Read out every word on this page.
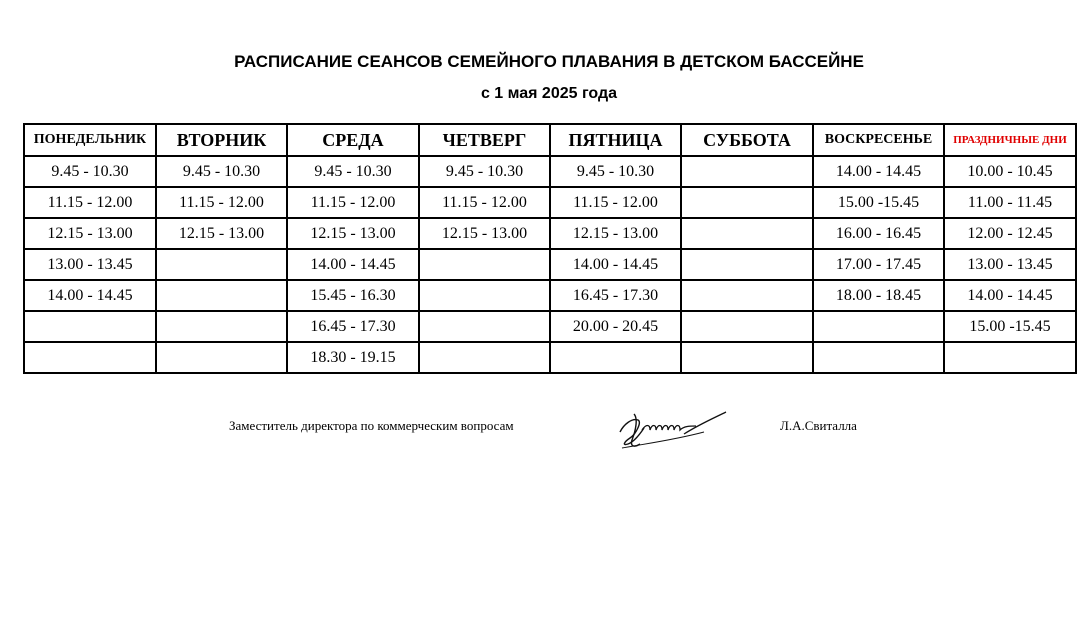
РАСПИСАНИЕ СЕАНСОВ СЕМЕЙНОГО ПЛАВАНИЯ В ДЕТСКОМ БАССЕЙНЕ
с 1 мая 2025 года
ПОНЕДЕЛЬНИК	ВТОРНИК	СРЕДА	ЧЕТВЕРГ	ПЯТНИЦА	СУББОТА	ВОСКРЕСЕНЬЕ	ПРАЗДНИЧНЫЕ ДНИ
9.45 - 10.30	9.45 - 10.30	9.45 - 10.30	9.45 - 10.30	9.45 - 10.30		14.00 - 14.45	10.00 - 10.45
11.15 - 12.00	11.15 - 12.00	11.15 - 12.00	11.15 - 12.00	11.15 - 12.00		15.00 -15.45	11.00 - 11.45
12.15 - 13.00	12.15 - 13.00	12.15 - 13.00	12.15 - 13.00	12.15 - 13.00		16.00 - 16.45	12.00 - 12.45
13.00 - 13.45		14.00 - 14.45		14.00 - 14.45		17.00 - 17.45	13.00 - 13.45
14.00 - 14.45		15.45 - 16.30		16.45 - 17.30		18.00 - 18.45	14.00 - 14.45
		16.45 - 17.30		20.00 - 20.45			15.00 -15.45
		18.30 - 19.15					
Заместитель директора по коммерческим вопросам	Л.А.Свиталла
